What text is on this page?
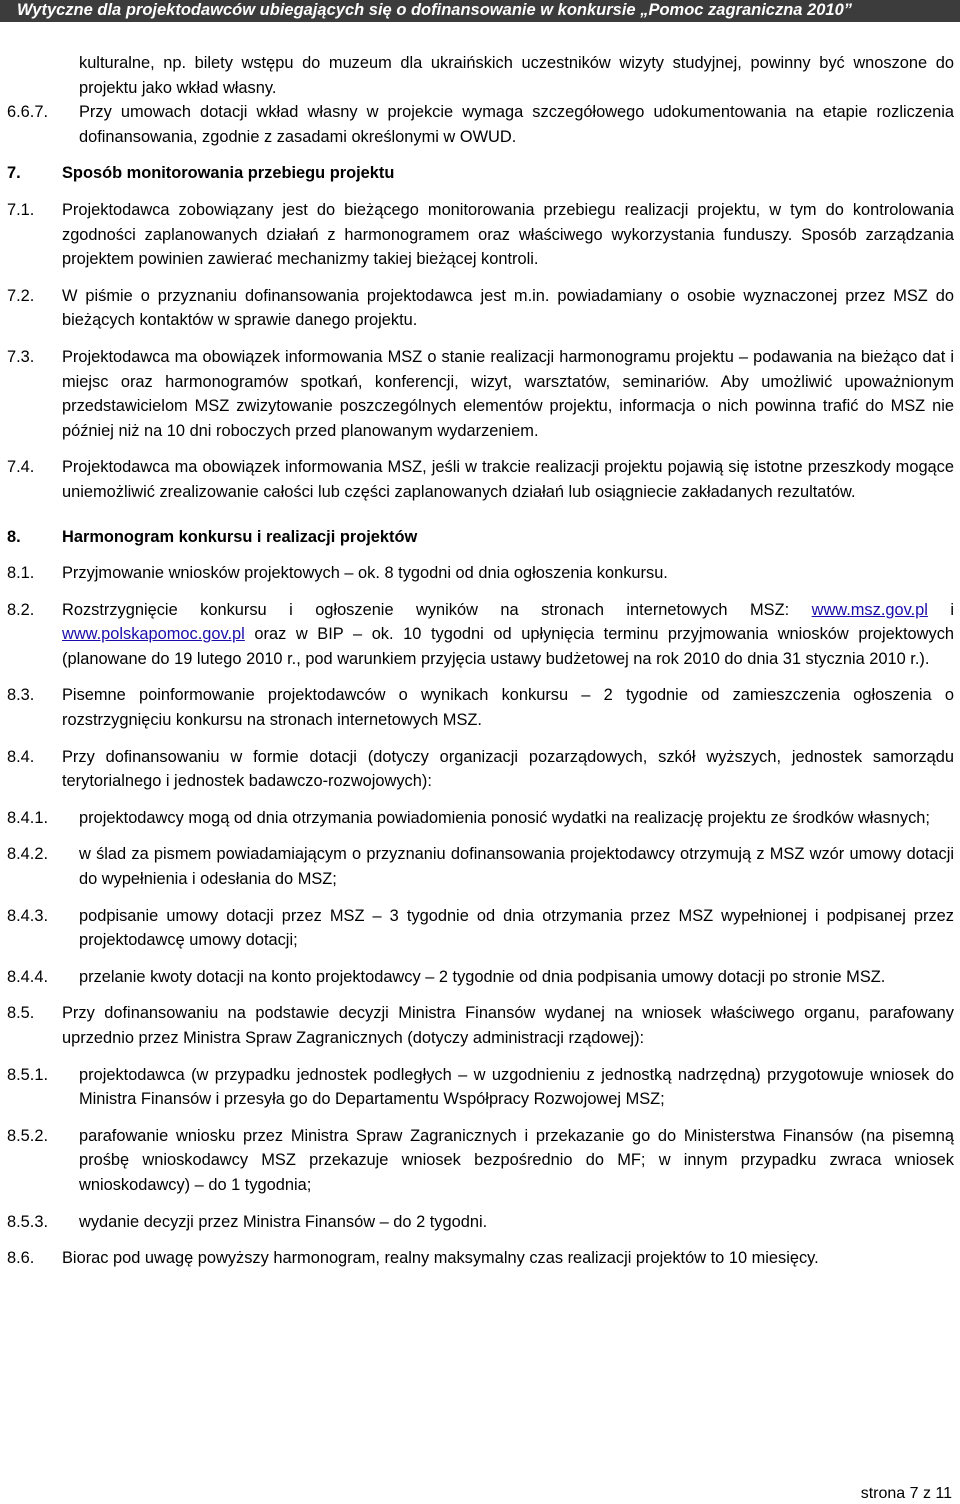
Wytyczne dla projektodawców ubiegających się o dofinansowanie w konkursie „Pomoc zagraniczna 2010”
kulturalne, np. bilety wstępu do muzeum dla ukraińskich uczestników wizyty studyjnej, powinny być wnoszone do projektu jako wkład własny.
6.6.7.	Przy umowach dotacji wkład własny w projekcie wymaga szczegółowego udokumentowania na etapie rozliczenia dofinansowania, zgodnie z zasadami określonymi w OWUD.
7.	Sposób monitorowania przebiegu projektu
7.1.	Projektodawca zobowiązany jest do bieżącego monitorowania przebiegu realizacji projektu, w tym do kontrolowania zgodności zaplanowanych działań z harmonogramem oraz właściwego wykorzystania funduszy. Sposób zarządzania projektem powinien zawierać mechanizmy takiej bieżącej kontroli.
7.2.	W piśmie o przyznaniu dofinansowania projektodawca jest m.in. powiadamiany o osobie wyznaczonej przez MSZ do bieżących kontaktów w sprawie danego projektu.
7.3.	Projektodawca ma obowiązek informowania MSZ o stanie realizacji harmonogramu projektu – podawania na bieżąco dat i miejsc oraz harmonogramów spotkań, konferencji, wizyt, warsztatów, seminariów. Aby umożliwić upoważnionym przedstawicielom MSZ zwizytowanie poszczególnych elementów projektu, informacja o nich powinna trafić do MSZ nie później niż na 10 dni roboczych przed planowanym wydarzeniem.
7.4.	Projektodawca ma obowiązek informowania MSZ, jeśli w trakcie realizacji projektu pojawią się istotne przeszkody mogące uniemożliwić zrealizowanie całości lub części zaplanowanych działań lub osiągniecie zakładanych rezultatów.
8.	Harmonogram konkursu i realizacji projektów
8.1.	Przyjmowanie wniosków projektowych – ok. 8 tygodni od dnia ogłoszenia konkursu.
8.2.	Rozstrzygnięcie konkursu i ogłoszenie wyników na stronach internetowych MSZ: www.msz.gov.pl i www.polskapomoc.gov.pl oraz w BIP – ok. 10 tygodni od upłynięcia terminu przyjmowania wniosków projektowych (planowane do 19 lutego 2010 r., pod warunkiem przyjęcia ustawy budżetowej na rok 2010 do dnia 31 stycznia 2010 r.).
8.3.	Pisemne poinformowanie projektodawców o wynikach konkursu – 2 tygodnie od zamieszczenia ogłoszenia o rozstrzygnięciu konkursu na stronach internetowych MSZ.
8.4.	Przy dofinansowaniu w formie dotacji (dotyczy organizacji pozarządowych, szkół wyższych, jednostek samorządu terytorialnego i jednostek badawczo-rozwojowych):
8.4.1.	projektodawcy mogą od dnia otrzymania powiadomienia ponosić wydatki na realizację projektu ze środków własnych;
8.4.2.	w ślad za pismem powiadamiającym o przyznaniu dofinansowania projektodawcy otrzymują z MSZ wzór umowy dotacji do wypełnienia i odesłania do MSZ;
8.4.3.	podpisanie umowy dotacji przez MSZ – 3 tygodnie od dnia otrzymania przez MSZ wypełnionej i podpisanej przez projektodawcę umowy dotacji;
8.4.4.	przelanie kwoty dotacji na konto projektodawcy – 2 tygodnie od dnia podpisania umowy dotacji po stronie MSZ.
8.5.	Przy dofinansowaniu na podstawie decyzji Ministra Finansów wydanej na wniosek właściwego organu, parafowany uprzednio przez Ministra Spraw Zagranicznych (dotyczy administracji rządowej):
8.5.1.	projektodawca (w przypadku jednostek podległych – w uzgodnieniu z jednostką nadrzędną) przygotowuje wniosek do Ministra Finansów i przesyła go do Departamentu Współpracy Rozwojowej MSZ;
8.5.2.	parafowanie wniosku przez Ministra Spraw Zagranicznych i przekazanie go do Ministerstwa Finansów (na pisemną prośbę wnioskodawcy MSZ przekazuje wniosek bezpośrednio do MF; w innym przypadku zwraca wniosek wnioskodawcy) – do 1 tygodnia;
8.5.3.	wydanie decyzji przez Ministra Finansów – do 2 tygodni.
8.6.	Biorac pod uwagę powyższy harmonogram, realny maksymalny czas realizacji projektów to 10 miesięcy.
strona 7 z 11
